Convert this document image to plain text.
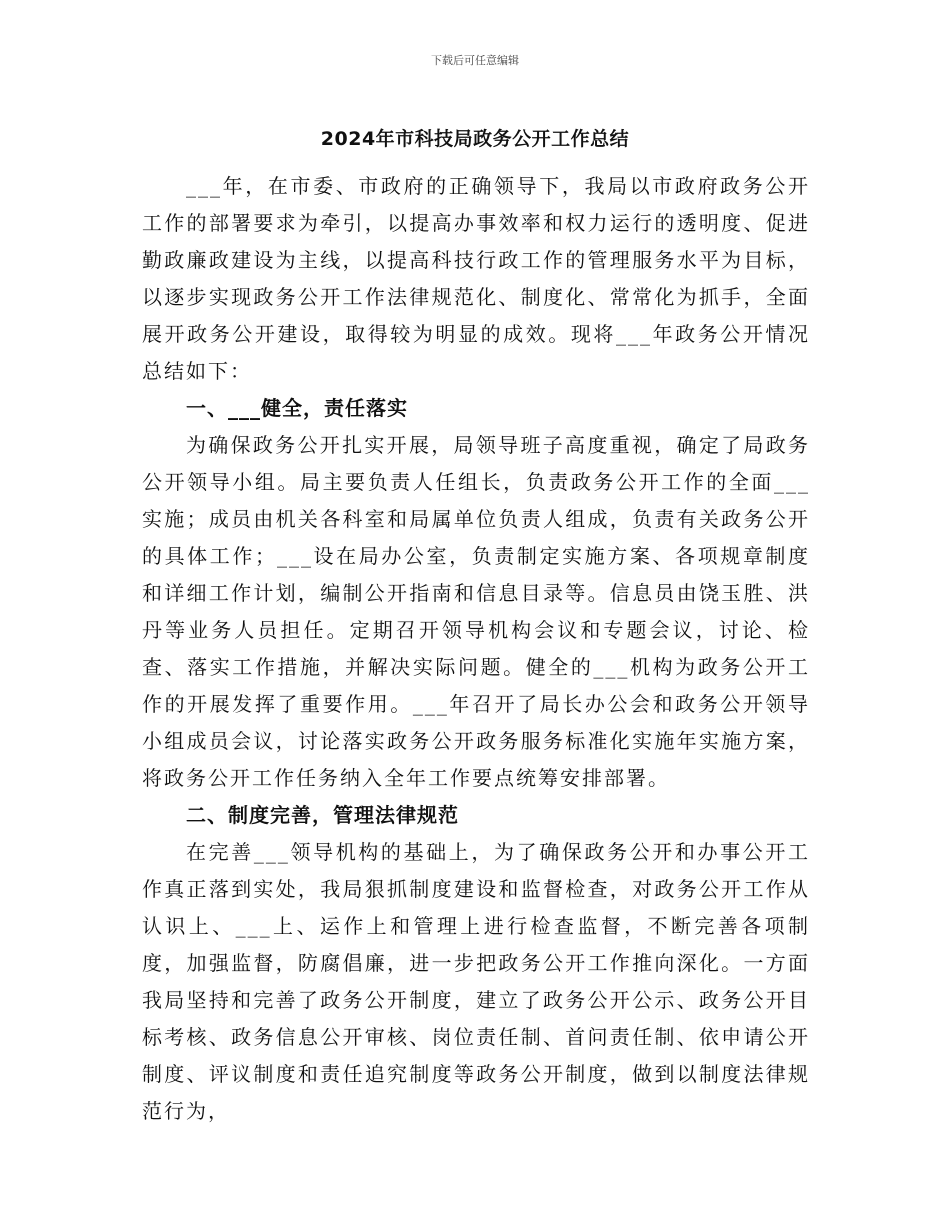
下载后可任意编辑
2024年市科技局政务公开工作总结

___年，在市委、市政府的正确领导下，我局以市政府政务公开工作的部署要求为牵引，以提高办事效率和权力运行的透明度、促进勤政廉政建设为主线，以提高科技行政工作的管理服务水平为目标，以逐步实现政务公开工作法律规范化、制度化、常常化为抓手，全面展开政务公开建设，取得较为明显的成效。现将___年政务公开情况总结如下：

一、___健全，责任落实

为确保政务公开扎实开展，局领导班子高度重视，确定了局政务公开领导小组。局主要负责人任组长，负责政务公开工作的全面___实施；成员由机关各科室和局属单位负责人组成，负责有关政务公开的具体工作；___设在局办公室，负责制定实施方案、各项规章制度和详细工作计划，编制公开指南和信息目录等。信息员由饶玉胜、洪丹等业务人员担任。定期召开领导机构会议和专题会议，讨论、检查、落实工作措施，并解决实际问题。健全的___机构为政务公开工作的开展发挥了重要作用。___年召开了局长办公会和政务公开领导小组成员会议，讨论落实政务公开政务服务标准化实施年实施方案，将政务公开工作任务纳入全年工作要点统筹安排部署。

二、制度完善，管理法律规范

在完善___领导机构的基础上，为了确保政务公开和办事公开工作真正落到实处，我局狠抓制度建设和监督检查，对政务公开工作从认识上、___上、运作上和管理上进行检查监督，不断完善各项制度，加强监督，防腐倡廉，进一步把政务公开工作推向深化。一方面我局坚持和完善了政务公开制度，建立了政务公开公示、政务公开目标考核、政务信息公开审核、岗位责任制、首问责任制、依申请公开制度、评议制度和责任追究制度等政务公开制度，做到以制度法律规范行为，
